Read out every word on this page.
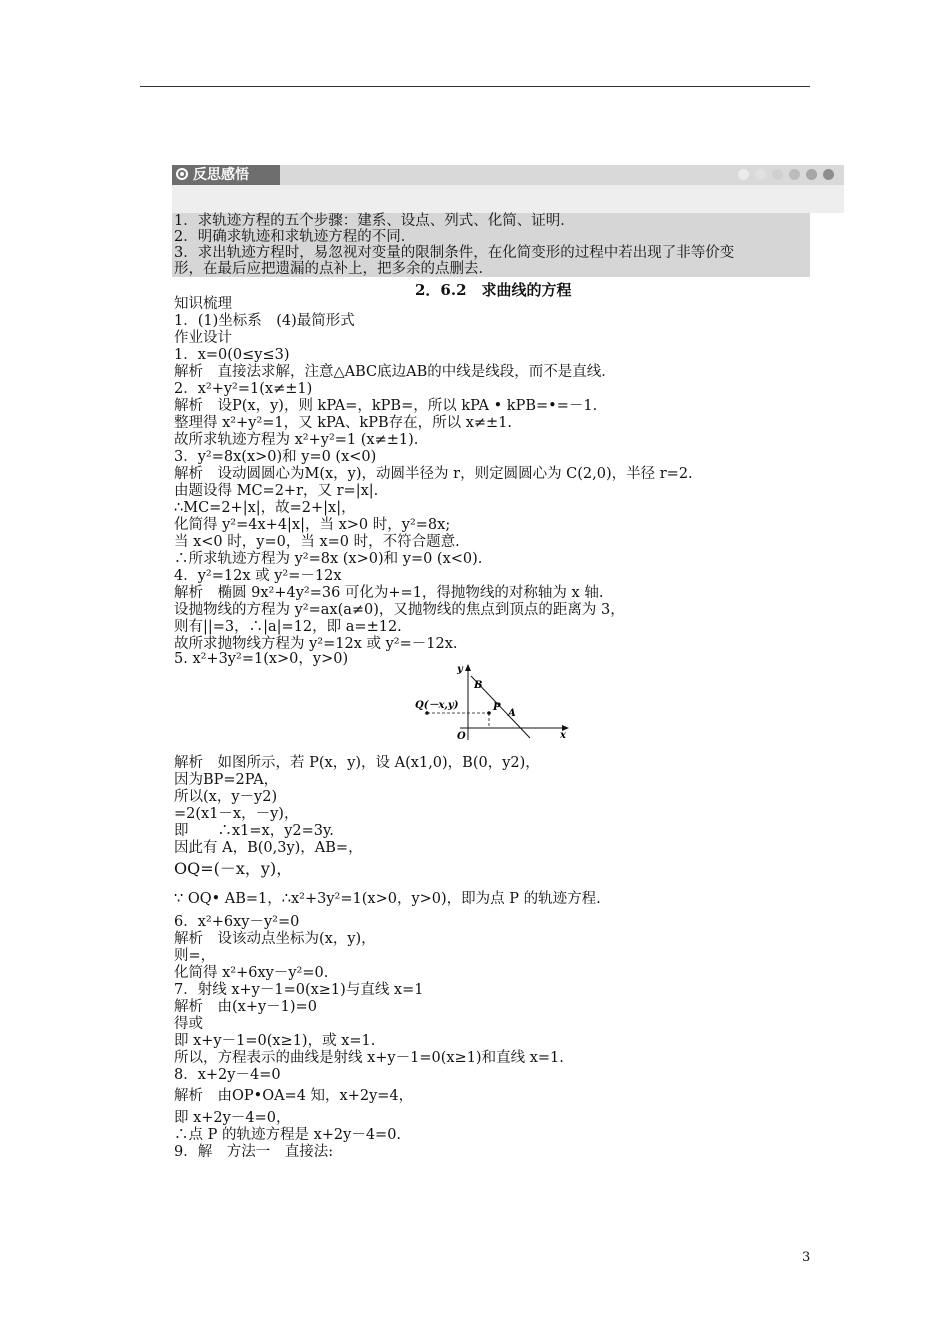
反思感悟
1．求轨迹方程的五个步骤：建系、设点、列式、化简、证明．
2．明确求轨迹和求轨迹方程的不同．
3．求出轨迹方程时，易忽视对变量的限制条件，在化简变形的过程中若出现了非等价变
形，在最后应把遗漏的点补上，把多余的点删去．
2．6.2　求曲线的方程
知识梳理
1．(1)坐标系　(4)最简形式
作业设计
1．x=0(0≤y≤3)
解析　直接法求解，注意△ABC底边AB的中线是线段，而不是直线．
2．x²+y²=1(x≠±1)
解析　设P(x，y)，则 kPA=，kPB=，所以 kPA • kPB=•=－1.
整理得 x²+y²=1，又 kPA、kPB存在，所以 x≠±1.
故所求轨迹方程为 x²+y²=1 (x≠±1).
3．y²=8x(x>0)和 y=0 (x<0)
解析　设动圆圆心为M(x，y)，动圆半径为 r，则定圆圆心为 C(2,0)，半径 r=2.
由题设得 MC=2+r，又 r=|x|.
∴MC=2+|x|，故=2+|x|，
化简得 y²=4x+4|x|，当 x>0 时，y²=8x;
当 x<0 时，y=0，当 x=0 时，不符合题意.
∴所求轨迹方程为 y²=8x (x>0)和 y=0 (x<0).
4．y²=12x 或 y²=－12x
解析　椭圆 9x²+4y²=36 可化为+=1，得抛物线的对称轴为 x 轴.
设抛物线的方程为 y²=ax(a≠0)，又抛物线的焦点到顶点的距离为 3，
则有||=3，∴|a|=12，即 a=±12.
故所求抛物线方程为 y²=12x 或 y²=－12x.
5. x²+3y²=1(x>0，y>0)
y
B
Q(－x,y)	P
A
O	x
解析　如图所示，若 P(x，y)，设 A(x1,0)，B(0，y2)，
因为BP=2PA，
所以(x，y－y2)
=2(x1－x，－y)，
即　　∴x1=x，y2=3y.
因此有 A，B(0,3y)，AB=，
OQ=(－x，y)，
∵ OQ• AB=1，∴x²+3y²=1(x>0，y>0)，即为点 P 的轨迹方程.
6．x²+6xy－y²=0
解析　设该动点坐标为(x，y)，
则=，
化简得 x²+6xy－y²=0.
7．射线 x+y－1=0(x≥1)与直线 x=1
解析　由(x+y－1)=0
得或
即 x+y－1=0(x≥1)，或 x=1.
所以，方程表示的曲线是射线 x+y－1=0(x≥1)和直线 x=1.
8．x+2y－4=0
解析　由OP•OA=4 知，x+2y=4，
即 x+2y－4=0，
∴点 P 的轨迹方程是 x+2y－4=0.
9．解　方法一　直接法:
3
